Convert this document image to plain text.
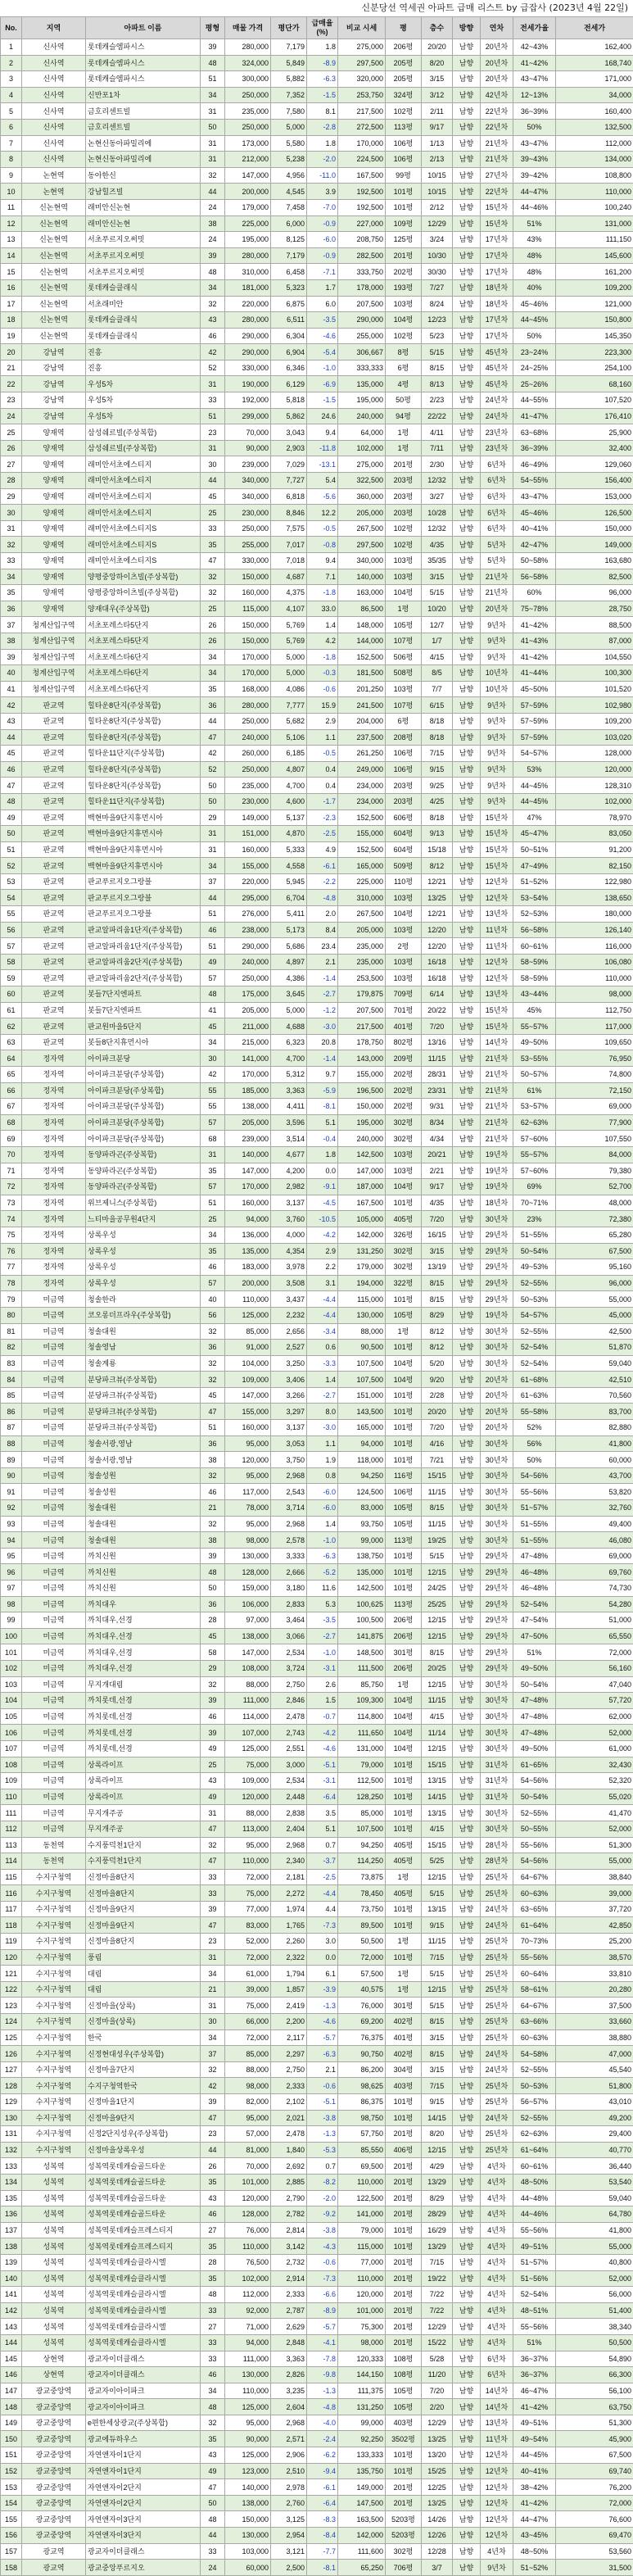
신분당선 역세권 아파트 급매 리스트 by 급잡사 (2023년 4월 22일)
No.	지역	아파트 이름	평형	매물 가격	평단가	급매율(%)	비교 시세	평	층수	방향	연차	전세가율	전세가
1	신사역	롯데캐슬엠파시스	39	280,000	7,179	1.8	275,000	206평	20/20	남향	20년차	42~43%	162,400
2	신사역	롯데캐슬엠파시스	48	324,000	5,849	-8.9	297,500	205평	8/20	남향	20년차	41~42%	168,740
3	신사역	롯데캐슬엠파시스	51	300,000	5,882	-6.3	320,000	205평	3/15	남향	20년차	43~47%	171,000
4	신사역	신반포1차	34	250,000	7,352	-1.5	253,750	324평	3/12	남향	42년차	12~13%	34,000
5	신사역	금호리센트빌	31	235,000	7,580	8.1	217,500	102평	2/11	남향	22년차	36~39%	160,400
6	신사역	금호리센트빌	50	250,000	5,000	-2.8	272,500	113평	9/17	남향	22년차	50%	132,500
7	신사역	논현신동아파밀리에	31	173,000	5,580	1.8	170,000	106평	1/13	남향	21년차	43~47%	112,000
8	신사역	논현신동아파밀리에	31	212,000	5,238	-2.0	224,500	106평	2/13	남향	21년차	39~43%	134,000
9	논현역	동아한신	32	147,000	4,956	-11.0	167,500	99평	10/15	남향	27년차	39~42%	108,800
10	논현역	강남힐즈빌	44	200,000	4,545	3.9	192,500	101평	10/15	남향	22년차	44~47%	110,000
11	신논현역	래미안신논현	24	179,000	7,458	-7.0	192,500	101평	2/12	남향	15년차	44~46%	100,240
12	신논현역	래미안신논현	38	225,000	6,000	-0.9	227,000	109평	12/29	남향	15년차	51%	131,000
13	신논현역	서초푸르지오써밋	24	195,000	8,125	-6.0	208,750	125평	3/24	남향	17년차	43%	111,150
14	신논현역	서초푸르지오써밋	39	280,000	7,179	-0.9	282,500	201평	10/30	남향	17년차	48%	145,600
15	신논현역	서초푸르지오써밋	48	310,000	6,458	-7.1	333,750	202평	30/30	남향	17년차	48%	161,200
16	신논현역	롯데캐슬클래식	34	181,000	5,323	1.7	178,000	193평	7/27	남향	18년차	40%	109,200
17	신논현역	서초래미안	32	220,000	6,875	6.0	207,500	103평	8/24	남향	18년차	45~46%	121,000
18	신논현역	롯데캐슬클래식	43	280,000	6,511	-3.5	290,000	104평	12/23	남향	17년차	44~45%	150,800
19	신논현역	롯데캐슬클래식	46	290,000	6,304	-4.6	255,000	102평	5/23	남향	17년차	50%	145,350
20	강남역	진흥	42	290,000	6,904	-5.4	306,667	8평	5/15	남향	45년차	23~24%	223,300
21	강남역	진흥	52	330,000	6,346	-1.0	333,333	6평	8/15	남향	45년차	24~25%	254,100
22	강남역	우성5차	31	190,000	6,129	-6.9	135,000	4평	8/13	남향	45년차	25~26%	68,160
23	강남역	우성5차	33	192,000	5,818	-1.5	195,000	50평	2/23	남향	24년차	44~55%	107,520
24	강남역	우성5차	51	299,000	5,862	24.6	240,000	94평	22/22	남향	24년차	41~47%	176,410
25	양재역	삼성쉐르빌(주상복합)	23	70,000	3,043	9.4	64,000	1평	4/11	남향	23년차	63~68%	25,900
26	양재역	삼성쉐르빌(주상복합)	31	90,000	2,903	-11.8	102,000	1평	7/11	남향	23년차	36~39%	32,400
27	양재역	래미안서초에스티지	30	239,000	7,029	-13.1	275,000	201평	2/30	남향	6년차	46~49%	129,060
28	양재역	래미안서초에스티지	44	340,000	7,727	5.4	322,500	203평	12/32	남향	6년차	54~55%	156,400
29	양재역	래미안서초에스티지	45	340,000	6,818	-5.6	360,000	203평	3/27	남향	6년차	43~47%	153,000
30	양재역	래미안서초에스티지	25	230,000	8,846	12.2	205,000	203평	10/28	남향	6년차	45~46%	126,500
31	양재역	래미안서초에스티지S	33	250,000	7,575	-0.5	267,500	102평	12/32	남향	6년차	40~41%	150,000
32	양재역	래미안서초에스티지S	35	255,000	7,017	-0.8	297,500	102평	4/35	남향	5년차	42~47%	149,000
33	양재역	래미안서초에스티지S	47	330,000	7,018	9.4	340,000	103평	35/35	남향	5년차	50~58%	163,680
34	양재역	양평중앙하이츠빌(주상복합)	32	150,000	4,687	7.1	140,000	103평	3/15	남향	21년차	56~58%	82,500
35	양재역	양평중앙하이츠빌(주상복합)	32	160,000	4,375	-1.8	163,000	104평	5/15	남향	21년차	60%	96,000
36	양재역	양재대우(주상복합)	25	115,000	4,107	33.0	86,500	1평	10/20	남향	20년차	75~78%	28,750
37	청계산입구역	서초포레스타5단지	26	150,000	5,769	1.4	148,000	105평	12/7	남향	9년차	41~42%	88,500
38	청계산입구역	서초포레스타5단지	26	150,000	5,769	4.2	144,000	107평	1/7	남향	9년차	41~43%	87,000
39	청계산입구역	서초포레스타6단지	34	170,000	5,000	-1.8	152,500	506평	4/15	남향	9년차	41~42%	104,550
40	청계산입구역	서초포레스타6단지	34	170,000	5,000	-0.3	181,500	508평	8/5	남향	10년차	41~44%	100,300
41	청계산입구역	서초포레스타6단지	35	168,000	4,086	-0.6	201,250	103평	7/7	남향	10년차	45~50%	101,520
42	판교역	힐타운8단지(주상복합)	36	280,000	7,777	15.9	241,500	107평	6/15	남향	9년차	57~59%	102,980
43	판교역	힐타운8단지(주상복합)	44	250,000	5,682	2.9	204,000	6평	8/18	남향	9년차	57~59%	109,200
44	판교역	힐타운8단지(주상복합)	47	240,000	5,106	1.1	237,500	208평	8/18	남향	9년차	57~59%	103,020
45	판교역	힐타운11단지(주상복합)	42	260,000	6,185	-0.5	261,250	106평	7/15	남향	9년차	54~57%	128,000
46	판교역	힐타운8단지(주상복합)	52	250,000	4,807	0.4	249,000	106평	9/15	남향	9년차	53%	120,000
47	판교역	힐타운8단지(주상복합)	50	235,000	4,700	0.4	234,000	203평	9/25	남향	9년차	44~45%	128,310
48	판교역	힐타운11단지(주상복합)	50	230,000	4,600	-1.7	234,000	203평	4/25	남향	9년차	44~45%	102,000
49	판교역	백현마을9단지휴먼시아	29	149,000	5,137	-2.3	152,500	606평	8/18	남향	15년차	47%	78,970
50	판교역	백현마을9단지휴먼시아	31	151,000	4,870	-2.5	155,000	604평	9/13	남향	15년차	45~47%	83,050
51	판교역	백현마을9단지휴먼시아	31	160,000	5,333	4.9	152,500	604평	15/18	남향	15년차	50~51%	91,200
52	판교역	백현마을9단지휴먼시아	34	155,000	4,558	-6.1	165,000	509평	8/12	남향	15년차	47~49%	82,150
53	판교역	판교푸르지오그랑블	37	220,000	5,945	-2.2	225,000	110평	12/21	남향	12년차	51~52%	122,980
54	판교역	판교푸르지오그랑블	44	295,000	6,704	-4.8	310,000	103평	13/25	남향	12년차	53~54%	138,650
55	판교역	판교푸르지오그랑블	51	276,000	5,411	2.0	267,500	104평	12/21	남향	13년차	52~53%	180,000
56	판교역	판교알파리움1단지(주상복합)	46	238,000	5,173	8.4	205,000	103평	12/20	남향	11년차	56~58%	126,140
57	판교역	판교알파리움1단지(주상복합)	51	290,000	5,686	23.4	235,000	2평	12/20	남향	11년차	60~61%	116,000
58	판교역	판교알파리움2단지(주상복합)	49	240,000	4,897	2.1	235,000	103평	16/18	남향	12년차	58~59%	106,080
59	판교역	판교알파리움2단지(주상복합)	57	250,000	4,386	-1.4	253,500	103평	16/18	남향	12년차	58~59%	110,000
60	판교역	봇들7단지엔파트	48	175,000	3,645	-2.7	179,875	709평	6/14	남향	13년차	43~44%	98,000
61	판교역	봇들7단지엔파트	41	205,000	5,000	-1.2	207,500	701평	20/22	남향	15년차	45%	112,750
62	판교역	판교원마을5단지	45	211,000	4,688	-3.0	217,500	401평	7/20	남향	15년차	55~57%	117,000
63	판교역	봇들8단지휴먼시아	34	215,000	6,323	20.8	178,750	802평	13/16	남향	14년차	49~50%	109,650
64	정자역	아이파크분당	30	141,000	4,700	-1.4	143,000	209평	11/15	남향	21년차	53~55%	76,950
65	정자역	아이파크분당(주상복합)	42	170,000	5,312	9.7	155,000	202평	28/31	남향	21년차	50~57%	74,800
66	정자역	아이파크분당(주상복합)	55	185,000	3,363	-5.9	196,500	202평	23/31	남향	21년차	61%	72,150
67	정자역	아이파크분당(주상복합)	55	138,000	4,411	-8.1	150,000	202평	9/31	남향	21년차	53~57%	69,000
68	정자역	아이파크분당(주상복합)	57	205,000	3,596	5.1	195,000	302평	8/34	남향	21년차	62~63%	77,900
69	정자역	아이파크분당(주상복합)	68	239,000	3,514	-0.4	240,000	302평	4/34	남향	21년차	57~60%	107,550
70	정자역	동양파라곤(주상복합)	31	140,000	4,677	1.8	142,500	103평	20/21	남향	19년차	55~57%	84,000
71	정자역	동양파라곤(주상복합)	35	147,000	4,200	0.0	147,000	103평	2/21	남향	19년차	57~60%	79,380
72	정자역	동양파라곤(주상복합)	57	170,000	2,982	-9.1	187,000	104평	9/17	남향	19년차	69%	52,700
73	정자역	위브제니스(주상복합)	51	160,000	3,137	-4.5	167,500	101평	4/35	남향	18년차	70~71%	48,000
74	정자역	느티마을공무원4단지	25	94,000	3,760	-10.5	105,000	405평	7/20	남향	30년차	23%	72,380
75	정자역	상록우성	34	136,000	4,000	-4.2	142,000	326평	16/15	남향	29년차	51~55%	65,280
76	정자역	상록우성	35	135,000	4,354	2.9	131,250	302평	3/15	남향	29년차	50~54%	67,500
77	정자역	상록우성	46	183,000	3,978	2.2	179,000	302평	13/19	남향	29년차	49~53%	95,160
78	정자역	상록우성	57	200,000	3,508	3.1	194,000	322평	8/15	남향	29년차	52~55%	96,000
79	미금역	청솔한라	40	110,000	3,437	-4.4	115,000	101평	8/15	남향	29년차	50~53%	55,000
80	미금역	코오롱더프라우(주상복합)	56	125,000	2,232	-4.4	130,000	105평	8/29	남향	19년차	54~57%	45,000
81	미금역	청솔대원	32	85,000	2,656	-3.4	88,000	1평	8/12	남향	30년차	52~55%	42,500
82	미금역	청솔영남	36	91,000	2,527	0.6	90,500	101평	8/12	남향	30년차	52~54%	51,870
83	미금역	청솔계룡	32	104,000	3,250	-3.3	107,500	104평	5/20	남향	30년차	52~54%	59,040
84	미금역	분당파크뷰(주상복합)	32	109,000	3,406	1.4	107,500	104평	9/20	남향	20년차	61~68%	42,510
85	미금역	분당파크뷰(주상복합)	45	147,000	3,266	-2.7	151,000	101평	2/28	남향	20년차	61~63%	70,560
86	미금역	분당파크뷰(주상복합)	47	155,000	3,297	8.0	143,500	101평	20/20	남향	20년차	55~58%	83,700
87	미금역	분당파크뷰(주상복합)	51	160,000	3,137	-3.0	165,000	101평	7/20	남향	20년차	52%	82,880
88	미금역	청솔서광,영남	36	95,000	3,053	1.1	94,000	101평	4/16	남향	30년차	56%	41,800
89	미금역	청솔서광,영남	38	120,000	3,750	1.9	118,000	101평	7/21	남향	30년차	50%	60,000
90	미금역	청솔성원	32	95,000	2,968	0.8	94,250	116평	15/15	남향	30년차	54~56%	43,700
91	미금역	청솔성원	46	117,000	2,543	-6.0	124,500	106평	11/15	남향	30년차	55~56%	53,820
92	미금역	청솔대원	21	78,000	3,714	-6.0	83,000	105평	8/15	남향	30년차	51~57%	32,760
93	미금역	청솔대원	32	95,000	2,968	1.4	93,750	105평	11/15	남향	30년차	51~55%	49,400
94	미금역	청솔대원	38	98,000	2,578	-1.0	99,000	113평	19/25	남향	30년차	51~55%	46,080
95	미금역	까치신원	39	130,000	3,333	-6.3	138,750	101평	5/15	남향	29년차	47~48%	69,000
96	미금역	까치신원	48	128,000	2,666	-5.2	135,000	101평	12/15	남향	29년차	46~48%	69,760
97	미금역	까치신원	50	159,000	3,180	11.6	142,500	101평	24/25	남향	29년차	46~48%	74,730
98	미금역	까치대우	36	106,000	2,833	5.3	100,625	113평	25/25	남향	29년차	52~54%	54,280
99	미금역	까치대우,선경	28	97,000	3,464	-3.5	100,500	206평	12/15	남향	29년차	47~54%	51,000
100	미금역	까치대우,선경	45	138,000	3,066	-2.7	141,875	206평	12/15	남향	29년차	47~50%	65,550
101	미금역	까치대우,선경	58	147,000	2,534	-1.0	148,500	301평	8/15	남향	29년차	51%	72,000
102	미금역	까치대우,선경	29	108,000	3,724	-3.1	111,500	206평	20/25	남향	29년차	49~50%	56,160
103	미금역	무지개대림	32	88,000	2,750	2.6	85,750	1평	12/15	남향	30년차	50~54%	47,040
104	미금역	까치롯데,선경	39	111,000	2,846	1.5	109,300	104평	11/15	남향	30년차	47~48%	57,720
105	미금역	까치롯데,선경	46	114,000	2,478	-0.7	114,800	104평	4/15	남향	30년차	47~48%	62,000
106	미금역	까치롯데,선경	39	107,000	2,743	-4.2	111,650	104평	11/14	남향	30년차	47~48%	52,000
107	미금역	까치롯데,선경	49	125,000	2,551	-4.6	131,000	104평	12/15	남향	30년차	49~50%	61,000
108	미금역	상록라이프	25	75,000	3,000	-5.1	79,000	101평	15/15	남향	31년차	61~65%	32,430
109	미금역	상록라이프	43	109,000	2,534	-3.1	112,500	101평	13/15	남향	31년차	54~56%	52,320
110	미금역	상록라이프	49	120,000	2,448	-6.4	128,250	101평	14/15	남향	31년차	50~54%	55,020
111	미금역	무지개주공	31	88,000	2,838	3.5	85,000	101평	13/15	남향	30년차	52~55%	41,470
112	미금역	무지개주공	47	113,000	2,404	5.1	107,500	101평	4/15	남향	30년차	50~55%	52,000
113	동천역	수지풍덕천1단지	32	95,000	2,968	0.7	94,250	405평	15/15	남향	28년차	55~56%	51,300
114	동천역	수지풍덕천1단지	47	110,000	2,340	-3.7	114,250	405평	5/25	남향	28년차	54~56%	55,000
115	수지구청역	신정마을8단지	33	72,000	2,181	-2.5	73,875	1평	12/15	남향	25년차	64~67%	38,840
116	수지구청역	신정마을8단지	33	75,000	2,272	-4.4	78,450	405평	5/15	남향	25년차	60~63%	39,000
117	수지구청역	신정마을9단지	39	77,000	1,974	4.4	73,750	101평	13/15	남향	24년차	63~65%	37,720
118	수지구청역	신정마을9단지	47	83,000	1,765	-7.3	89,500	101평	9/15	남향	24년차	61~64%	42,850
119	수지구청역	신정마을8단지	23	52,000	2,260	3.0	50,500	1평	11/15	남향	25년차	70~73%	25,200
120	수지구청역	풍림	31	72,000	2,322	0.0	72,000	101평	7/15	남향	25년차	55~56%	38,570
121	수지구청역	대림	34	61,000	1,794	6.1	57,500	1평	5/15	남향	25년차	60~64%	33,810
122	수지구청역	대림	21	39,000	1,857	-3.9	40,575	1평	12/15	남향	25년차	58~61%	20,280
123	수지구청역	신정마을(상록)	31	75,000	2,419	-1.3	76,000	301평	5/15	남향	25년차	64~67%	37,500
124	수지구청역	신정마을(상록)	30	66,000	2,200	-4.6	69,200	402평	8/15	남향	25년차	63~66%	33,660
125	수지구청역	한국	34	72,000	2,117	-5.7	76,375	401평	3/15	남향	25년차	60~63%	38,880
126	수지구청역	신정현대성우(주상복합)	37	85,000	2,297	-6.3	90,750	402평	8/15	남향	24년차	54~58%	47,000
127	수지구청역	신정마을7단지	32	88,000	2,750	2.1	86,200	304평	3/15	남향	24년차	52~55%	45,540
128	수지구청역	수지구청역한국	42	98,000	2,333	-0.6	98,625	403평	7/15	남향	25년차	50~53%	51,800
129	수지구청역	신정마을1단지	39	82,000	2,102	-5.1	86,375	101평	9/15	남향	25년차	56~57%	43,010
130	수지구청역	신정마을9단지	47	95,000	2,021	-3.8	98,750	101평	14/15	남향	24년차	52~55%	49,200
131	수지구청역	신정2단지성우(주상복합)	23	57,000	2,478	-1.3	57,750	201평	8/20	남향	25년차	62~63%	29,400
132	수지구청역	신정마을상록우성	44	81,000	1,840	-5.3	85,550	406평	12/15	남향	25년차	61~64%	40,770
133	성복역	성복역롯데캐슬골드타운	26	70,000	2,692	0.7	69,500	201평	4/29	남향	4년차	60~61%	36,440
134	성복역	성복역롯데캐슬골드타운	35	101,000	2,885	-8.2	110,000	201평	13/29	남향	4년차	48~50%	53,540
135	성복역	성복역롯데캐슬골드타운	43	120,000	2,790	-2.0	122,500	201평	8/29	남향	4년차	44~48%	59,040
136	성복역	성복역롯데캐슬골드타운	46	128,000	2,782	-9.2	141,000	201평	28/29	남향	4년차	44~46%	64,780
137	성복역	성복역롯데캐슬프레스티지	27	76,000	2,814	-3.8	79,000	101평	16/29	남향	4년차	55~56%	41,800
138	성복역	성복역롯데캐슬프레스티지	35	110,000	3,142	-4.3	115,000	101평	13/29	남향	4년차	49~51%	55,000
139	성복역	성복역롯데캐슬클라시엘	28	76,500	2,732	-0.6	77,000	201평	7/15	남향	4년차	51~57%	40,800
140	성복역	성복역롯데캐슬클라시엘	35	102,000	2,914	-7.3	110,000	201평	19/22	남향	4년차	51~56%	52,000
141	성복역	성복역롯데캐슬클라시엘	48	112,000	2,333	-6.6	120,000	201평	7/22	남향	4년차	52~54%	56,000
142	성복역	성복역롯데캐슬클라시엘	33	92,000	2,787	-8.9	101,000	201평	7/22	남향	4년차	48~51%	51,400
143	성복역	성복역롯데캐슬클라시엘	27	71,000	2,629	-5.7	75,300	201평	12/29	남향	4년차	55~56%	38,340
144	성복역	성복역롯데캐슬클라시엘	33	94,000	2,848	-4.1	98,000	201평	15/22	남향	4년차	51%	50,500
145	상현역	광교자이더클래스	33	111,000	3,363	-7.8	120,333	108평	5/28	남향	6년차	36~37%	54,890
146	상현역	광교자이더클래스	46	130,000	2,826	-9.8	144,150	108평	11/20	남향	6년차	36~37%	66,300
147	광교중앙역	광교자이아이파크	34	110,000	3,235	-1.3	111,375	105평	7/20	남향	14년차	46~47%	56,100
148	광교중앙역	광교자이아이파크	48	125,000	2,604	-4.8	131,250	105평	2/20	남향	14년차	41~42%	63,750
149	광교중앙역	e편한세상광교(주상복합)	32	95,000	2,968	-4.0	99,000	403평	12/29	남향	13년차	49~51%	51,300
150	광교중앙역	광교에듀하우스	35	90,000	2,571	-2.4	92,250	3502평	13/25	남향	11년차	49~54%	45,900
151	광교중앙역	자연앤자이1단지	43	125,000	2,906	-6.2	133,333	101평	13/20	남향	12년차	44~45%	67,500
152	광교중앙역	자연앤자이1단지	49	123,000	2,510	-9.4	135,750	101평	15/25	남향	12년차	40~41%	69,740
153	광교중앙역	자연앤자이2단지	47	140,000	2,978	-6.1	149,000	201평	12/25	남향	12년차	38~42%	76,200
154	광교중앙역	자연앤자이2단지	50	138,000	2,760	-6.4	147,500	201평	13/25	남향	12년차	41~42%	72,000
155	광교중앙역	자연앤자이3단지	48	150,000	3,125	-8.3	163,500	5203평	14/26	남향	12년차	44~47%	76,600
156	광교중앙역	자연앤자이3단지	44	130,000	2,954	-8.4	142,000	5203평	12/26	남향	12년차	43~45%	69,470
157	광교역	광교자이더클래스	33	103,000	3,121	-7.7	111,600	302평	12/28	남향	4년차	48~50%	53,560
158	광교역	광교중앙푸르지오	24	60,000	2,500	-8.1	65,250	706평	3/7	남향	9년차	51~52%	31,500
